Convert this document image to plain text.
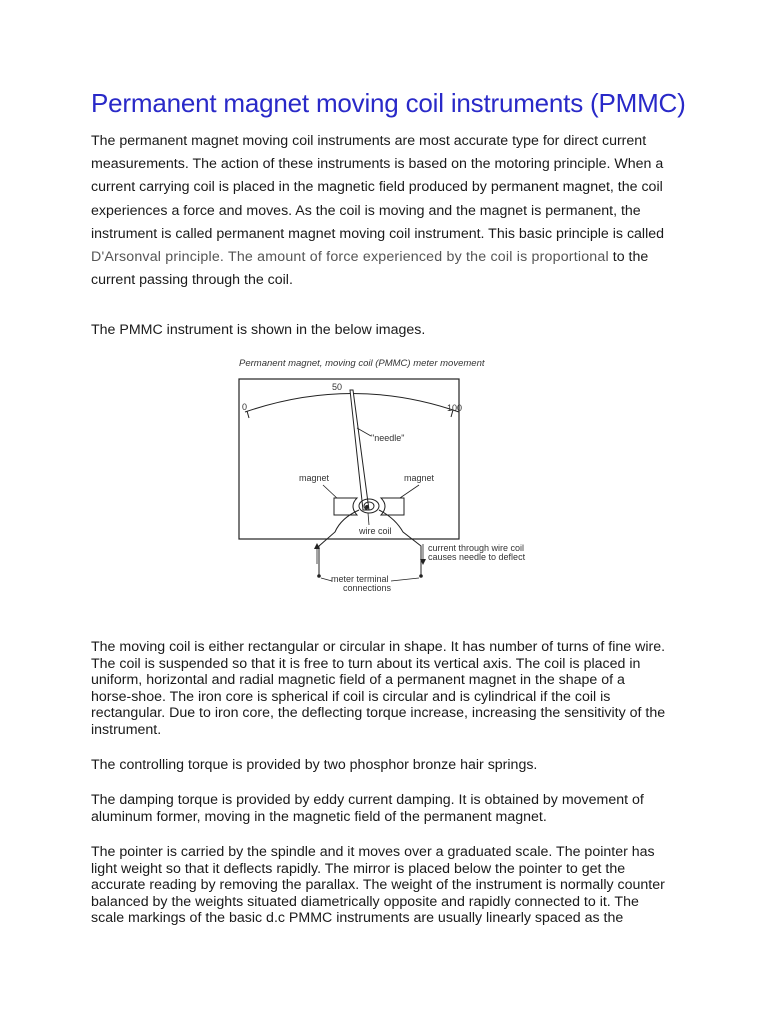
Permanent magnet moving coil instruments (PMMC)

The permanent magnet moving coil instruments are most accurate type for direct current
measurements. The action of these instruments is based on the motoring principle. When a
current carrying coil is placed in the magnetic field produced by permanent magnet, the coil
experiences a force and moves. As the coil is moving and the magnet is permanent, the
instrument is called permanent magnet moving coil instrument. This basic principle is called
D'Arsonval principle. The amount of force experienced by the coil is proportional to the
current passing through the coil.

The PMMC instrument is shown in the below images.

Permanent magnet, moving coil (PMMC) meter movement
0
50
100
"needle"
magnet	magnet
wire coil
meter terminal
connections
current through wire coil
causes needle to deflect

The moving coil is either rectangular or circular in shape. It has number of turns of fine wire.
The coil is suspended so that it is free to turn about its vertical axis. The coil is placed in
uniform, horizontal and radial magnetic field of a permanent magnet in the shape of a
horse-shoe. The iron core is spherical if coil is circular and is cylindrical if the coil is
rectangular. Due to iron core, the deflecting torque increase, increasing the sensitivity of the
instrument.

The controlling torque is provided by two phosphor bronze hair springs.

The damping torque is provided by eddy current damping. It is obtained by movement of
aluminum former, moving in the magnetic field of the permanent magnet.

The pointer is carried by the spindle and it moves over a graduated scale. The pointer has
light weight so that it deflects rapidly. The mirror is placed below the pointer to get the
accurate reading by removing the parallax. The weight of the instrument is normally counter
balanced by the weights situated diametrically opposite and rapidly connected to it. The
scale markings of the basic d.c PMMC instruments are usually linearly spaced as the
